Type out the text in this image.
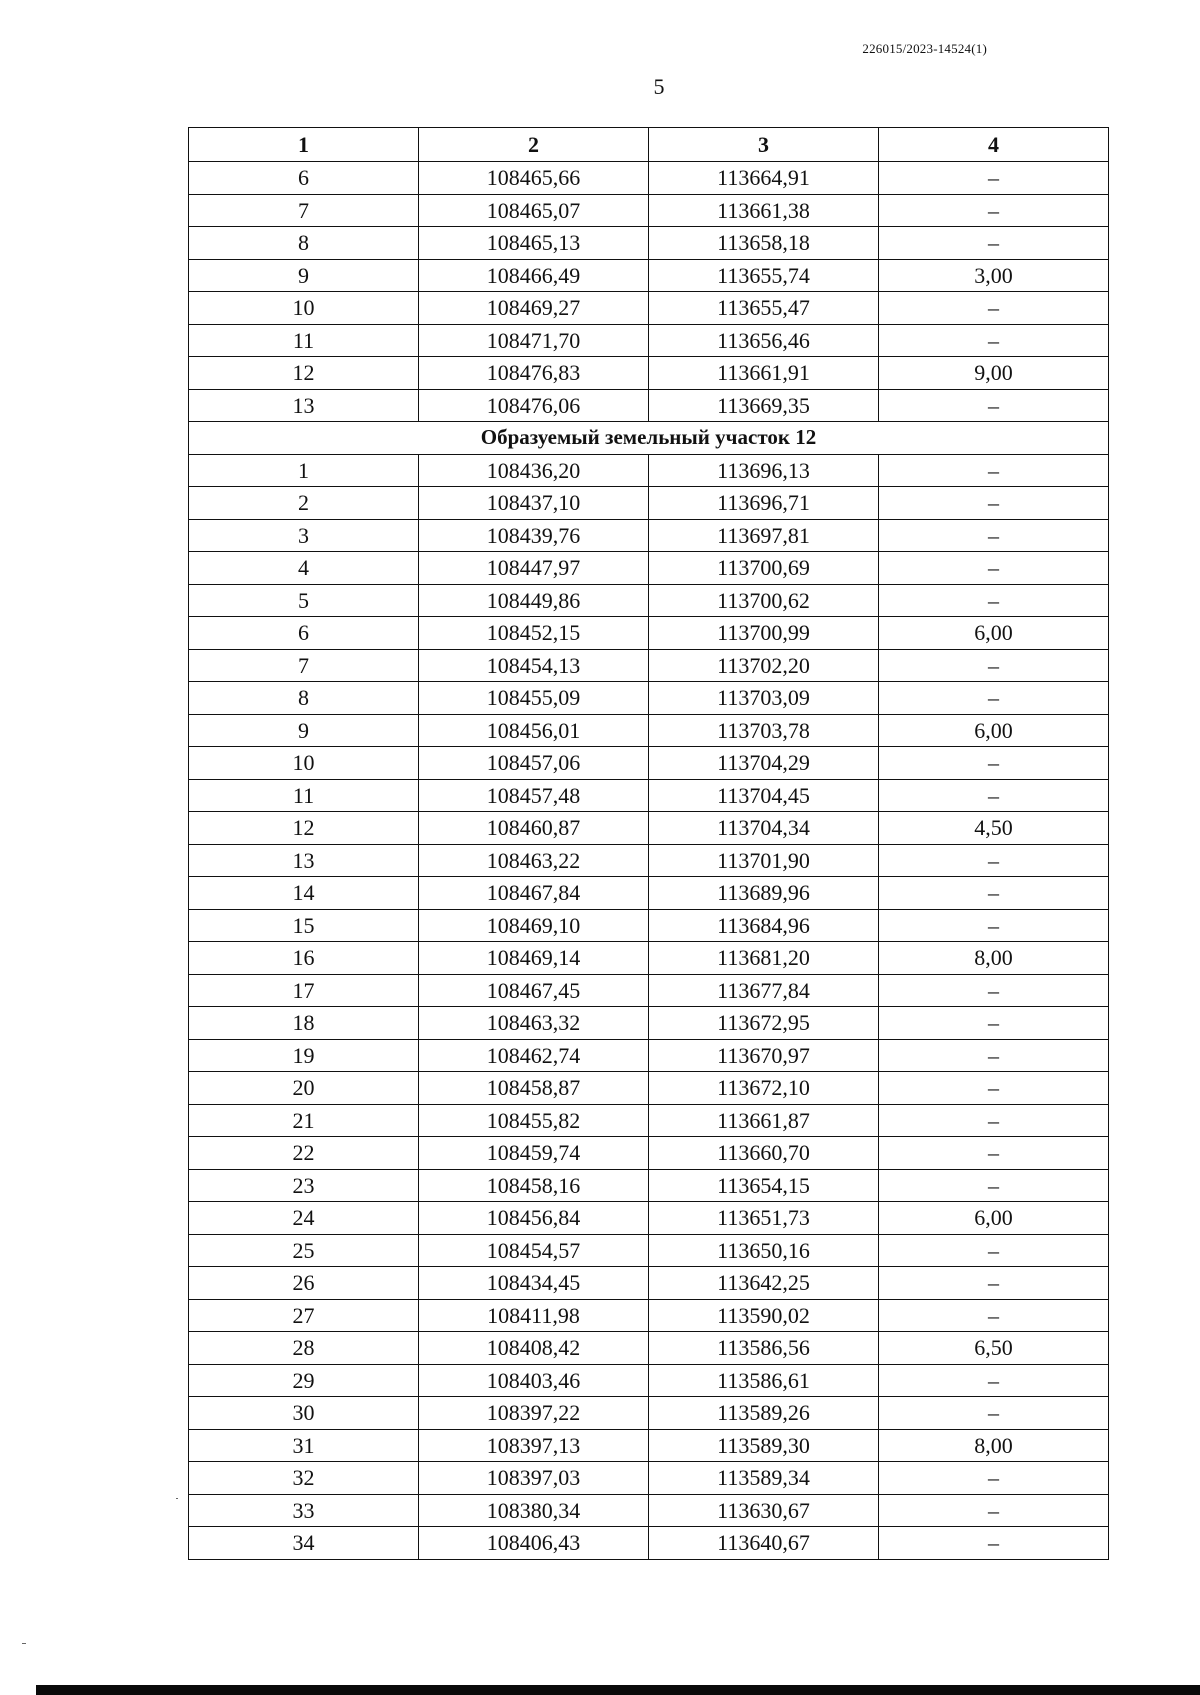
226015/2023-14524(1)
5
1	2	3	4
6	108465,66	113664,91	–
7	108465,07	113661,38	–
8	108465,13	113658,18	–
9	108466,49	113655,74	3,00
10	108469,27	113655,47	–
11	108471,70	113656,46	–
12	108476,83	113661,91	9,00
13	108476,06	113669,35	–
Образуемый земельный участок 12			
1	108436,20	113696,13	–
2	108437,10	113696,71	–
3	108439,76	113697,81	–
4	108447,97	113700,69	–
5	108449,86	113700,62	–
6	108452,15	113700,99	6,00
7	108454,13	113702,20	–
8	108455,09	113703,09	–
9	108456,01	113703,78	6,00
10	108457,06	113704,29	–
11	108457,48	113704,45	–
12	108460,87	113704,34	4,50
13	108463,22	113701,90	–
14	108467,84	113689,96	–
15	108469,10	113684,96	–
16	108469,14	113681,20	8,00
17	108467,45	113677,84	–
18	108463,32	113672,95	–
19	108462,74	113670,97	–
20	108458,87	113672,10	–
21	108455,82	113661,87	–
22	108459,74	113660,70	–
23	108458,16	113654,15	–
24	108456,84	113651,73	6,00
25	108454,57	113650,16	–
26	108434,45	113642,25	–
27	108411,98	113590,02	–
28	108408,42	113586,56	6,50
29	108403,46	113586,61	–
30	108397,22	113589,26	–
31	108397,13	113589,30	8,00
32	108397,03	113589,34	–
33	108380,34	113630,67	–
34	108406,43	113640,67	–
